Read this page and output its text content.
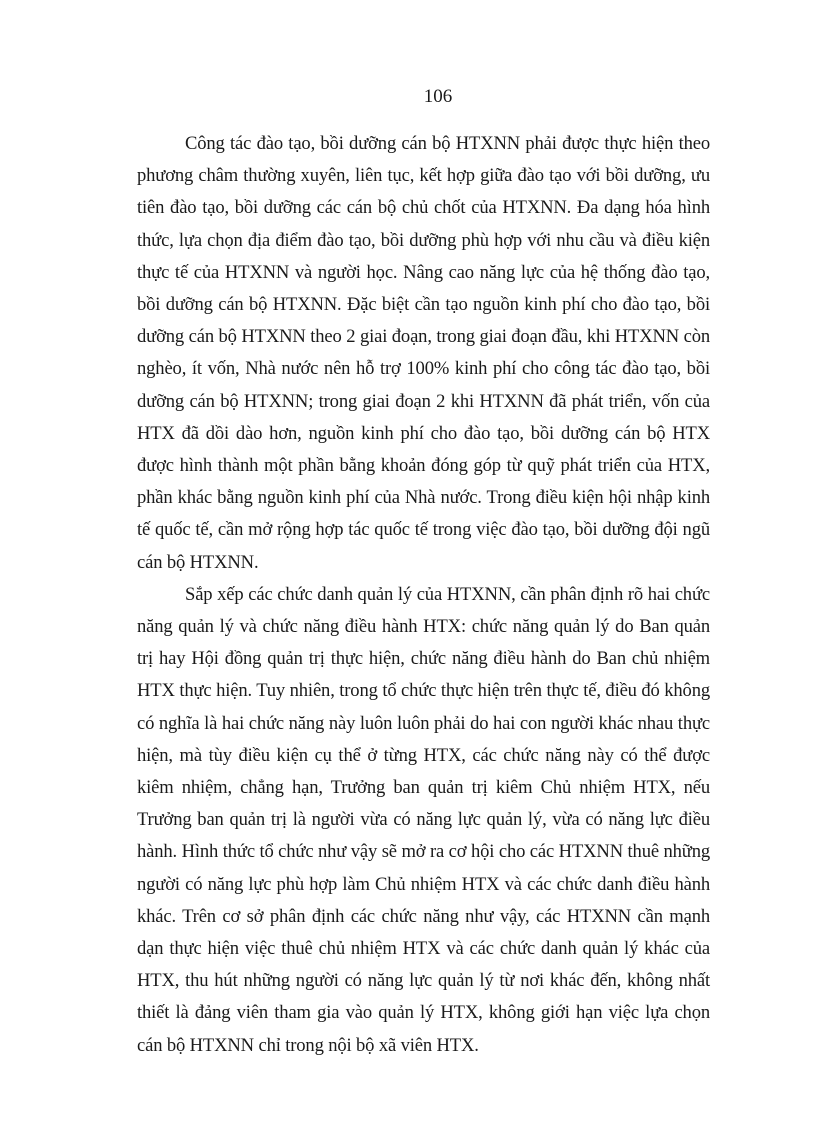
106

Công tác đào tạo, bồi dưỡng cán bộ HTXNN phải được thực hiện theo phương châm thường xuyên, liên tục, kết hợp giữa đào tạo với bồi dưỡng, ưu tiên đào tạo, bồi dưỡng các cán bộ chủ chốt của HTXNN. Đa dạng hóa hình thức, lựa chọn địa điểm đào tạo, bồi dưỡng phù hợp với nhu cầu và điều kiện thực tế của HTXNN và người học. Nâng cao năng lực của hệ thống đào tạo, bồi dưỡng cán bộ HTXNN. Đặc biệt cần tạo nguồn kinh phí cho đào tạo, bồi dưỡng cán bộ HTXNN theo 2 giai đoạn, trong giai đoạn đầu, khi HTXNN còn nghèo, ít vốn, Nhà nước nên hỗ trợ 100% kinh phí cho công tác đào tạo, bồi dưỡng cán bộ HTXNN; trong giai đoạn 2 khi HTXNN đã phát triển, vốn của HTX đã dồi dào hơn, nguồn kinh phí cho đào tạo, bồi dưỡng cán bộ HTX được hình thành một phần bằng khoản đóng góp từ quỹ phát triển của HTX, phần khác bằng nguồn kinh phí của Nhà nước. Trong điều kiện hội nhập kinh tế quốc tế, cần mở rộng hợp tác quốc tế trong việc đào tạo, bồi dưỡng đội ngũ cán bộ HTXNN.

Sắp xếp các chức danh quản lý của HTXNN, cần phân định rõ hai chức năng quản lý và chức năng điều hành HTX: chức năng quản lý do Ban quản trị hay Hội đồng quản trị thực hiện, chức năng điều hành do Ban chủ nhiệm HTX thực hiện. Tuy nhiên, trong tổ chức thực hiện trên thực tế, điều đó không có nghĩa là hai chức năng này luôn luôn phải do hai con người khác nhau thực hiện, mà tùy điều kiện cụ thể ở từng HTX, các chức năng này có thể được kiêm nhiệm, chẳng hạn, Trưởng ban quản trị kiêm Chủ nhiệm HTX, nếu Trưởng ban quản trị là người vừa có năng lực quản lý, vừa có năng lực điều hành. Hình thức tổ chức như vậy sẽ mở ra cơ hội cho các HTXNN thuê những người có năng lực phù hợp làm Chủ nhiệm HTX và các chức danh điều hành khác. Trên cơ sở phân định các chức năng như vậy, các HTXNN cần mạnh dạn thực hiện việc thuê chủ nhiệm HTX và các chức danh quản lý khác của HTX, thu hút những người có năng lực quản lý từ nơi khác đến, không nhất thiết là đảng viên tham gia vào quản lý HTX, không giới hạn việc lựa chọn cán bộ HTXNN chỉ trong nội bộ xã viên HTX.
